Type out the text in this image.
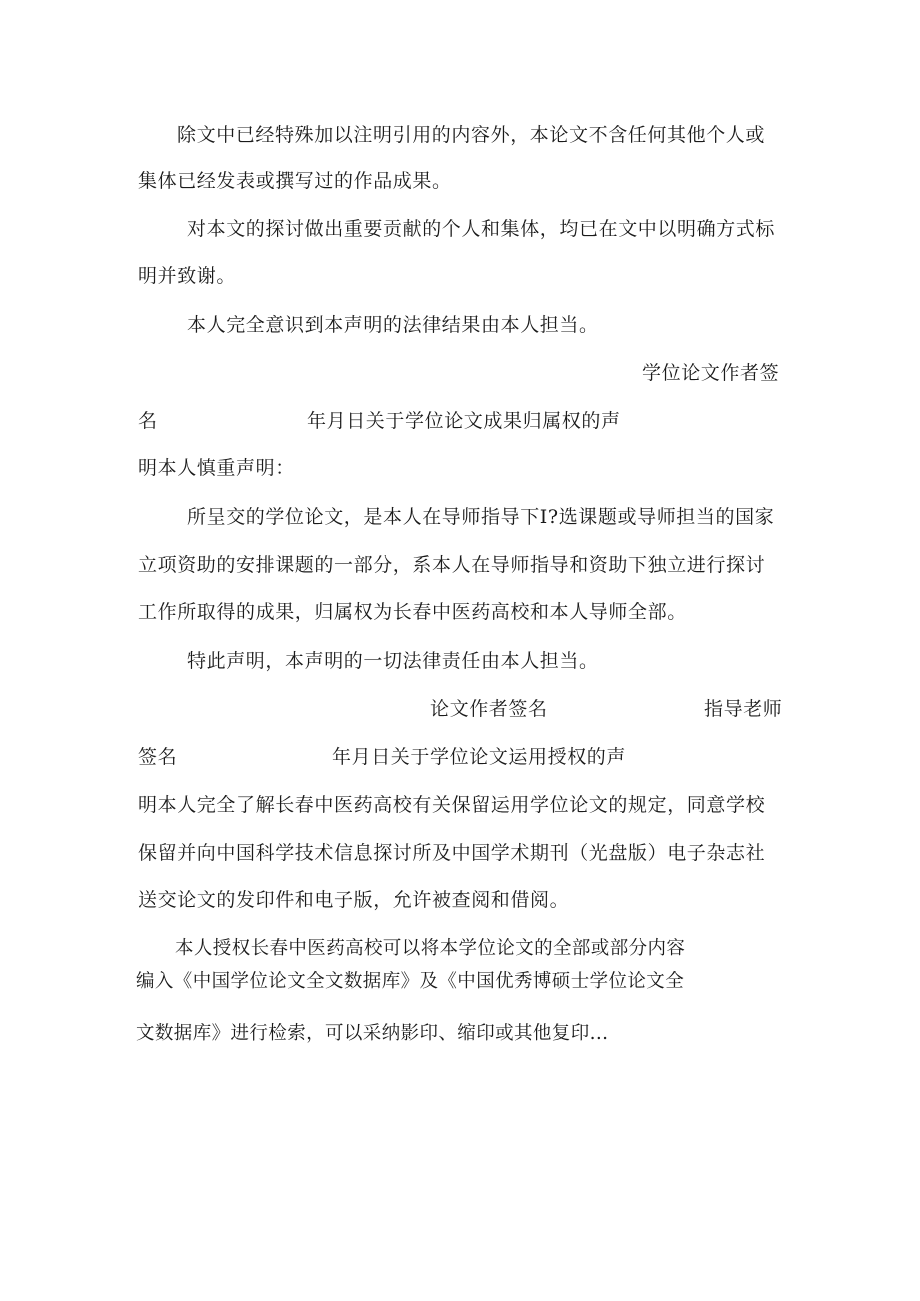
除文中已经特殊加以注明引用的内容外，本论文不含任何其他个人或
集体已经发表或撰写过的作品成果。
对本文的探讨做出重要贡献的个人和集体，均已在文中以明确方式标
明并致谢。
本人完全意识到本声明的法律结果由本人担当。
学位论文作者签
名	年月日关于学位论文成果归属权的声
明本人慎重声明：
所呈交的学位论文，是本人在导师指导下I?选课题或导师担当的国家
立项资助的安排课题的一部分，系本人在导师指导和资助下独立进行探讨
工作所取得的成果，归属权为长春中医药高校和本人导师全部。
特此声明，本声明的一切法律责任由本人担当。
论文作者签名	指导老师
签名	年月日关于学位论文运用授权的声
明本人完全了解长春中医药高校有关保留运用学位论文的规定，同意学校
保留并向中国科学技术信息探讨所及中国学术期刊（光盘版）电子杂志社
送交论文的发印件和电子版，允许被查阅和借阅。
本人授权长春中医药高校可以将本学位论文的全部或部分内容
编入《中国学位论文全文数据库》及《中国优秀博硕士学位论文全
文数据库》进行检索，可以采纳影印、缩印或其他复印...
